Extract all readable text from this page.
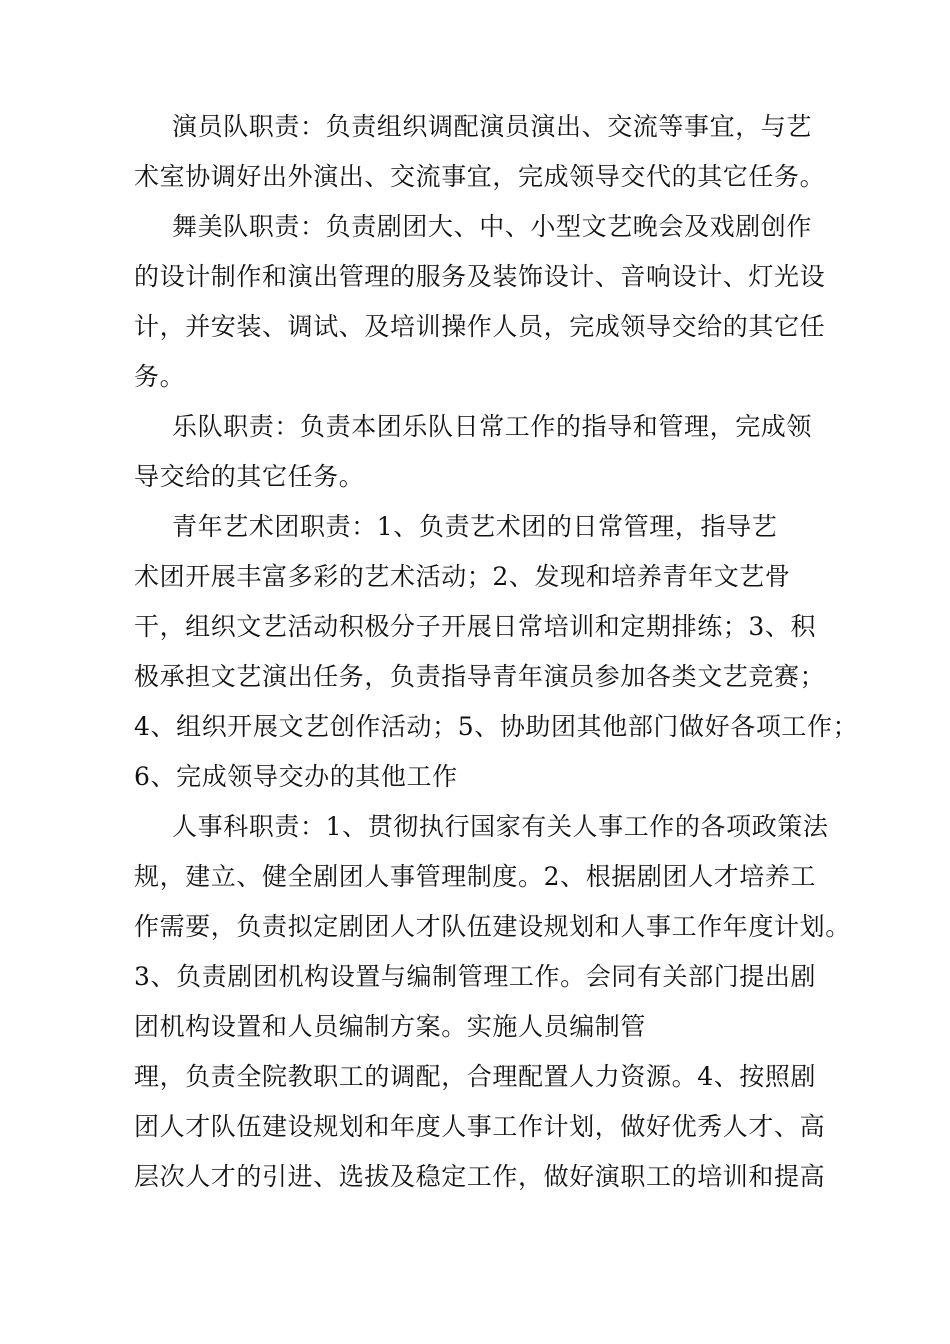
演员队职责：负责组织调配演员演出、交流等事宜，与艺
术室协调好出外演出、交流事宜，完成领导交代的其它任务。
舞美队职责：负责剧团大、中、小型文艺晚会及戏剧创作
的设计制作和演出管理的服务及装饰设计、音响设计、灯光设
计，并安装、调试、及培训操作人员，完成领导交给的其它任
务。
乐队职责：负责本团乐队日常工作的指导和管理，完成领
导交给的其它任务。
青年艺术团职责：1、负责艺术团的日常管理，指导艺
术团开展丰富多彩的艺术活动；2、发现和培养青年文艺骨
干，组织文艺活动积极分子开展日常培训和定期排练；3、积
极承担文艺演出任务，负责指导青年演员参加各类文艺竞赛；
4、组织开展文艺创作活动；5、协助团其他部门做好各项工作；
6、完成领导交办的其他工作
人事科职责：1、贯彻执行国家有关人事工作的各项政策法
规，建立、健全剧团人事管理制度。2、根据剧团人才培养工
作需要，负责拟定剧团人才队伍建设规划和人事工作年度计划。
3、负责剧团机构设置与编制管理工作。会同有关部门提出剧
团机构设置和人员编制方案。实施人员编制管
理，负责全院教职工的调配，合理配置人力资源。4、按照剧
团人才队伍建设规划和年度人事工作计划，做好优秀人才、高
层次人才的引进、选拔及稳定工作，做好演职工的培训和提高
